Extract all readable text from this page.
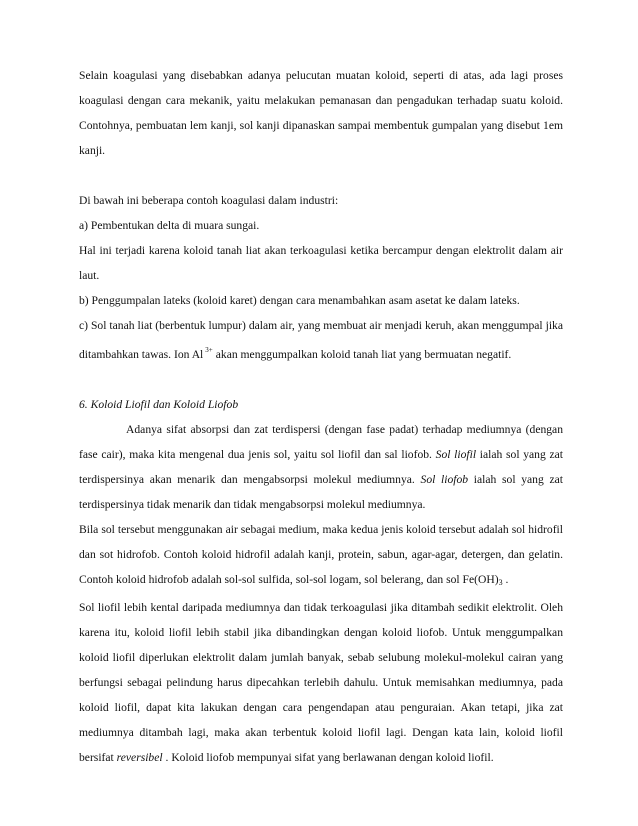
Selain koagulasi yang disebabkan adanya pelucutan muatan koloid, seperti di atas, ada lagi proses koagulasi dengan cara mekanik, yaitu melakukan pemanasan dan pengadukan terhadap suatu koloid. Contohnya, pembuatan lem kanji, sol kanji dipanaskan sampai membentuk gumpalan yang disebut 1em kanji.

Di bawah ini beberapa contoh koagulasi dalam industri:

a) Pembentukan delta di muara sungai.

Hal ini terjadi karena koloid tanah liat akan terkoagulasi ketika bercampur dengan elektrolit dalam air laut.

b) Penggumpalan lateks (koloid karet) dengan cara menambahkan asam asetat ke dalam lateks.

c) Sol tanah liat (berbentuk lumpur) dalam air, yang membuat air menjadi keruh, akan menggumpal jika ditambahkan tawas. Ion Al $^{3+}$ akan menggumpalkan koloid tanah liat yang bermuatan negatif.

6. Koloid Liofil dan Koloid Liofob

Adanya sifat absorpsi dan zat terdispersi (dengan fase padat) terhadap mediumnya (dengan fase cair), maka kita mengenal dua jenis sol, yaitu sol liofil dan sal liofob. Sol liofil ialah sol yang zat terdispersinya akan menarik dan mengabsorpsi molekul mediumnya. Sol liofob ialah sol yang zat terdispersinya tidak menarik dan tidak mengabsorpsi molekul mediumnya.

Bila sol tersebut menggunakan air sebagai medium, maka kedua jenis koloid tersebut adalah sol hidrofil dan sot hidrofob. Contoh koloid hidrofil adalah kanji, protein, sabun, agar-agar, detergen, dan gelatin. Contoh koloid hidrofob adalah sol-sol sulfida, sol-sol logam, sol belerang, dan sol $Fe(OH)_3$ .

Sol liofil lebih kental daripada mediumnya dan tidak terkoagulasi jika ditambah sedikit elektrolit. Oleh karena itu, koloid liofil lebih stabil jika dibandingkan dengan koloid liofob. Untuk menggumpalkan koloid liofil diperlukan elektrolit dalam jumlah banyak, sebab selubung molekul-molekul cairan yang berfungsi sebagai pelindung harus dipecahkan terlebih dahulu. Untuk memisahkan mediumnya, pada koloid liofil, dapat kita lakukan dengan cara pengendapan atau penguraian. Akan tetapi, jika zat mediumnya ditambah lagi, maka akan terbentuk koloid liofil lagi. Dengan kata lain, koloid liofil bersifat reversibel . Koloid liofob mempunyai sifat yang berlawanan dengan koloid liofil.
